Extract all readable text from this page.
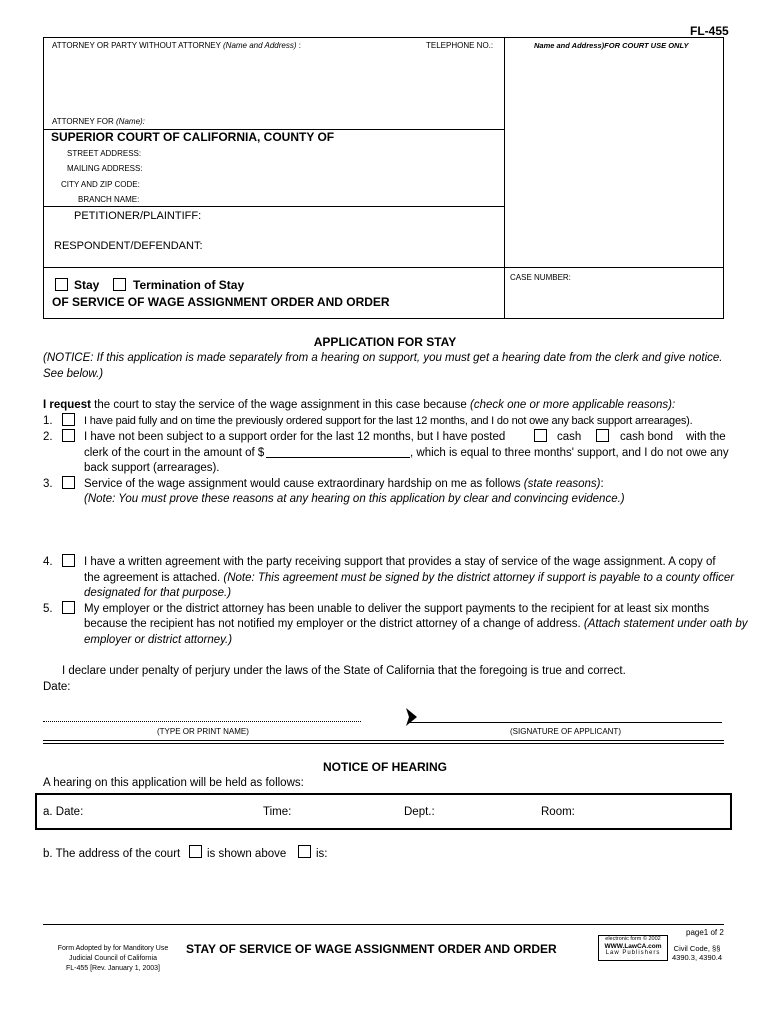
FL-455
ATTORNEY OR PARTY WITHOUT ATTORNEY (Name and Address) :	TELEPHONE NO.:	Name and Address)FOR COURT USE ONLY
ATTORNEY FOR (Name):
SUPERIOR COURT OF CALIFORNIA, COUNTY OF
STREET ADDRESS:
MAILING ADDRESS:
CITY AND ZIP CODE:
BRANCH NAME:
PETITIONER/PLAINTIFF:
RESPONDENT/DEFENDANT:
Stay	Termination of Stay
OF SERVICE OF WAGE ASSIGNMENT ORDER AND ORDER
CASE NUMBER:
APPLICATION FOR STAY
(NOTICE: If this application is made separately from a hearing on support, you must get a hearing date from the clerk and give notice.
See below.)
I request the court to stay the service of the wage assignment in this case because (check one or more applicable reasons):
1.	I have paid fully and on time the previously ordered support for the last 12 months, and I do not owe any back support arrearages).
2.	I have not been subject to a support order for the last 12 months, but I have posted	cash	cash bond with the
clerk of the court in the amount of $	, which is equal to three months' support, and I do not owe any
back support (arrearages).
3.	Service of the wage assignment would cause extraordinary hardship on me as follows (state reasons):
(Note: You must prove these reasons at any hearing on this application by clear and convincing evidence.)
4.	I have a written agreement with the party receiving support that provides a stay of service of the wage assignment. A copy of
the agreement is attached. (Note: This agreement must be signed by the district attorney if support is payable to a county officer
designated for that purpose.)
5.	My employer or the district attorney has been unable to deliver the support payments to the recipient for at least six months
because the recipient has not notified my employer or the district attorney of a change of address. (Attach statement under oath by
employer or district attorney.)
I declare under penalty of perjury under the laws of the State of California that the foregoing is true and correct.
Date:
(TYPE OR PRINT NAME)	(SIGNATURE OF APPLICANT)
NOTICE OF HEARING
A hearing on this application will be held as follows:
a. Date:	Time:	Dept.:	Room:
b. The address of the court is shown above	is:
page1 of 2
Form Adopted by for Manditory Use
Judicial Council of California
FL-455 [Rev. January 1, 2003]
STAY OF SERVICE OF WAGE ASSIGNMENT ORDER AND ORDER
electronic form © 2002
WWW.LawCA.com
Law Publishers	Civil Code, §§
4390.3, 4390.4
